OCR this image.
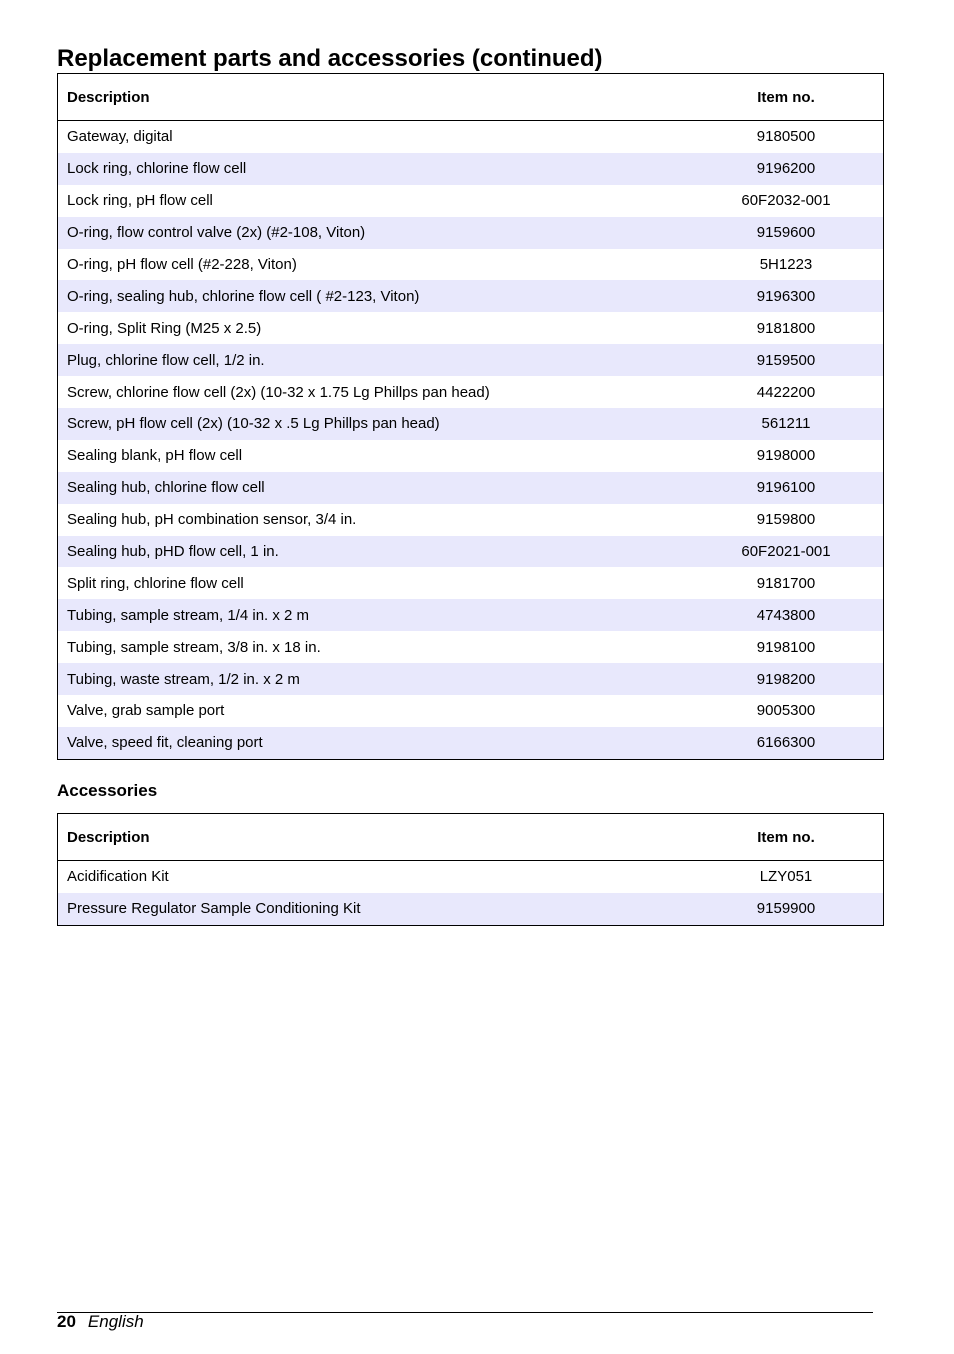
Replacement parts and accessories (continued)
Description	Item no.
Gateway, digital	9180500
Lock ring, chlorine flow cell	9196200
Lock ring, pH flow cell	60F2032-001
O-ring, flow control valve (2x) (#2-108, Viton)	9159600
O-ring, pH flow cell (#2-228, Viton)	5H1223
O-ring, sealing hub, chlorine flow cell ( #2-123, Viton)	9196300
O-ring, Split Ring (M25 x 2.5)	9181800
Plug, chlorine flow cell, 1/2 in.	9159500
Screw, chlorine flow cell (2x) (10-32 x 1.75 Lg Phillps pan head)	4422200
Screw, pH flow cell (2x) (10-32 x .5 Lg Phillps pan head)	561211
Sealing blank, pH flow cell	9198000
Sealing hub, chlorine flow cell	9196100
Sealing hub, pH combination sensor, 3/4 in.	9159800
Sealing hub, pHD flow cell, 1 in.	60F2021-001
Split ring, chlorine flow cell	9181700
Tubing, sample stream, 1/4 in. x 2 m	4743800
Tubing, sample stream, 3/8 in. x 18 in.	9198100
Tubing, waste stream, 1/2 in. x 2 m	9198200
Valve, grab sample port	9005300
Valve, speed fit, cleaning port	6166300
Accessories
Description	Item no.
Acidification Kit	LZY051
Pressure Regulator Sample Conditioning Kit	9159900
20 English
